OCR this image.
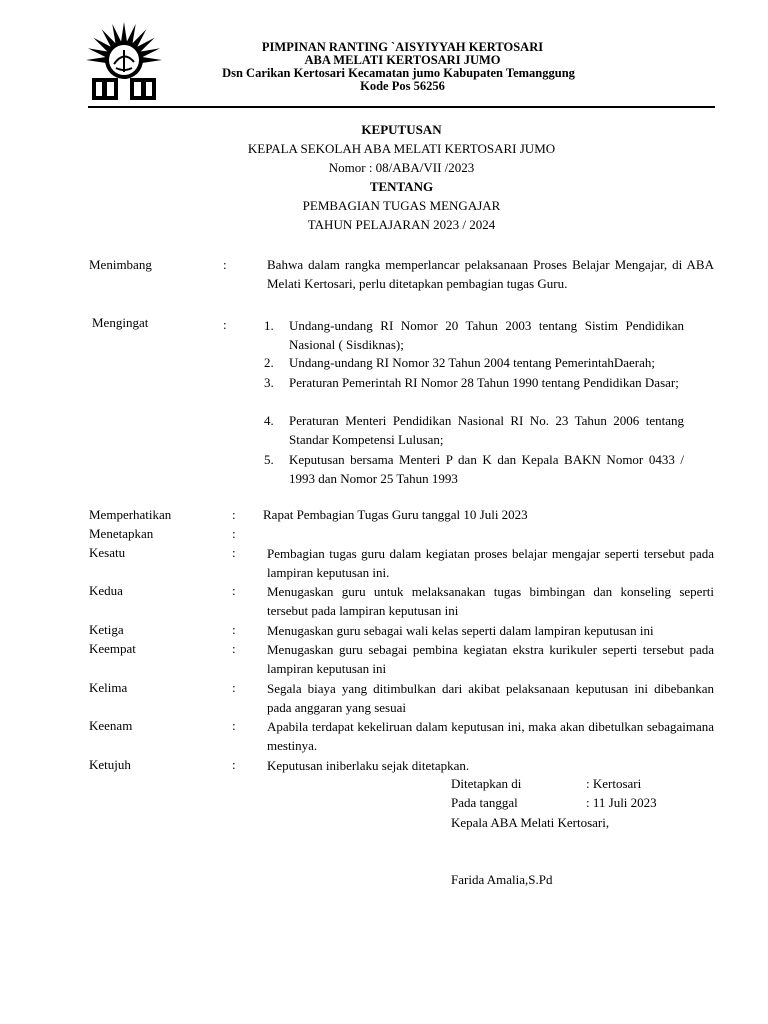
PIMPINAN RANTING `AISYIYYAH KERTOSARI
ABA MELATI KERTOSARI JUMO
Dsn Carikan Kertosari Kecamatan jumo Kabupaten Temanggung
Kode Pos 56256
KEPUTUSAN
KEPALA SEKOLAH ABA MELATI KERTOSARI JUMO
Nomor : 08/ABA/VII /2023
TENTANG
PEMBAGIAN TUGAS MENGAJAR
TAHUN PELAJARAN 2023 / 2024
Menimbang	:	Bahwa dalam rangka memperlancar pelaksanaan Proses Belajar Mengajar, di ABA Melati Kertosari, perlu ditetapkan pembagian tugas Guru.
Mengingat	:	1. Undang-undang RI Nomor 20 Tahun 2003 tentang Sistim Pendidikan Nasional ( Sisdiknas);
2. Undang-undang RI Nomor 32 Tahun 2004 tentang PemerintahDaerah;
3. Peraturan Pemerintah RI Nomor 28 Tahun 1990 tentang Pendidikan Dasar;
4. Peraturan Menteri Pendidikan Nasional RI No. 23 Tahun 2006 tentang Standar Kompetensi Lulusan;
5. Keputusan bersama Menteri P dan K dan Kepala BAKN Nomor 0433 / 1993 dan Nomor 25 Tahun 1993
Memperhatikan	: Rapat Pembagian Tugas Guru tanggal 10 Juli 2023
Menetapkan	:
Kesatu	: Pembagian tugas guru dalam kegiatan proses belajar mengajar seperti tersebut pada lampiran keputusan ini.
Kedua	: Menugaskan guru untuk melaksanakan tugas bimbingan dan konseling seperti tersebut pada lampiran keputusan ini
Ketiga	: Menugaskan guru sebagai wali kelas seperti dalam lampiran keputusan ini
Keempat	: Menugaskan guru sebagai pembina kegiatan ekstra kurikuler seperti tersebut pada lampiran keputusan ini
Kelima	: Segala biaya yang ditimbulkan dari akibat pelaksanaan keputusan ini dibebankan pada anggaran yang sesuai
Keenam	: Apabila terdapat kekeliruan dalam keputusan ini, maka akan dibetulkan sebagaimana mestinya.
Ketujuh	: Keputusan iniberlaku sejak ditetapkan.
Ditetapkan di	: Kertosari
Pada tanggal	: 11 Juli 2023
Kepala ABA Melati Kertosari,
Farida Amalia,S.Pd
